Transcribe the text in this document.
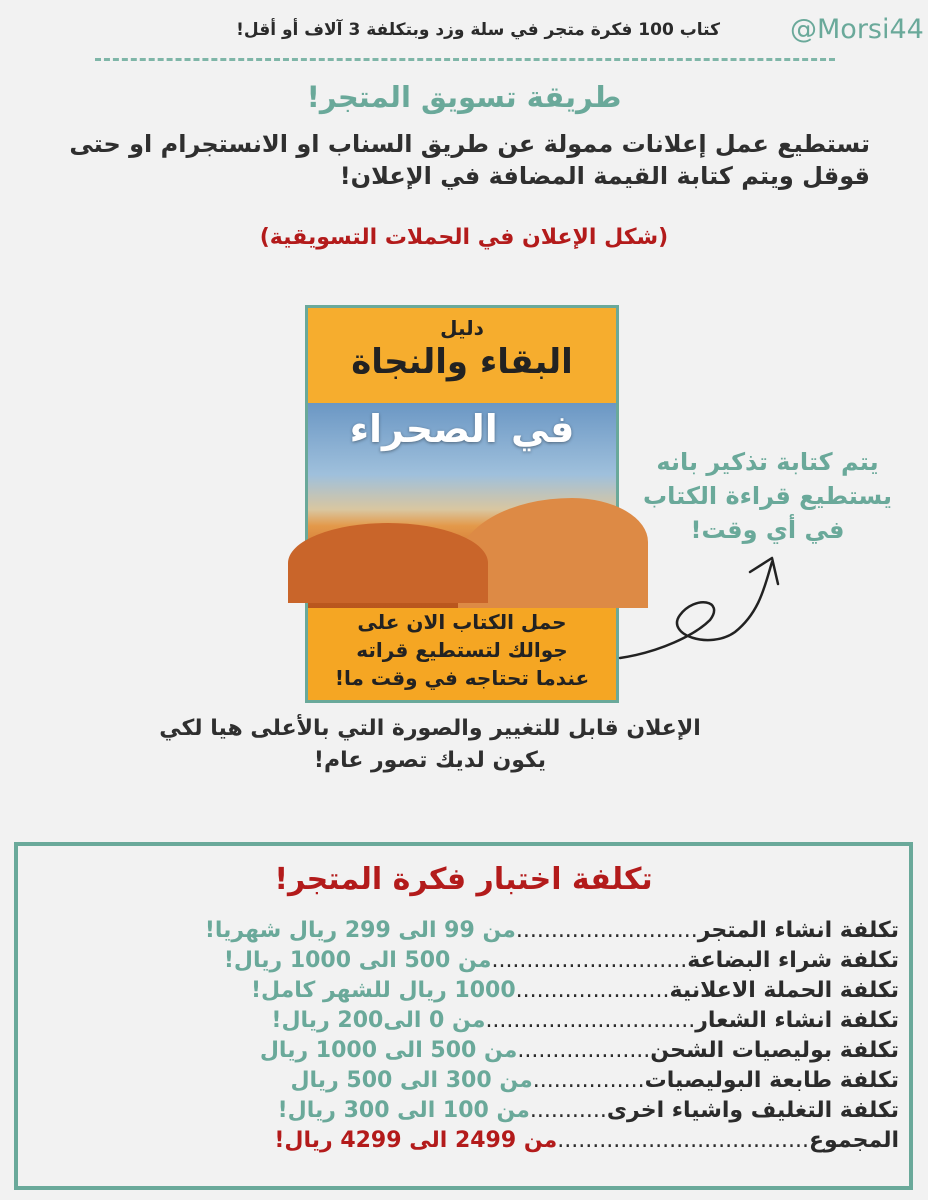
@Morsi44
كتاب 100 فكرة متجر في سلة وزد وبتكلفة 3 آلاف أو أقل!
طريقة تسويق المتجر!
تستطيع عمل إعلانات ممولة عن طريق السناب او الانستجرام او حتى قوقل ويتم كتابة القيمة المضافة في الإعلان!
(شكل الإعلان في الحملات التسويقية)
دليل
البقاء والنجاة
في الصحراء
حمل الكتاب الان على
جوالك لتستطيع قراته
عندما تحتاجه في وقت ما!
يتم كتابة تذكير بانه
يستطيع قراءة الكتاب
في أي وقت!
الإعلان قابل للتغيير والصورة التي بالأعلى هيا لكي
يكون لديك تصور عام!
تكلفة اختبار فكرة المتجر!
تكلفة انشاء المتجر..........................من 99 الى 299 ريال شهريا!
تكلفة شراء البضاعة............................من 500 الى 1000 ريال!
تكلفة الحملة الاعلانية......................1000 ريال للشهر كامل!
تكلفة انشاء الشعار..............................من 0 الى200 ريال!
تكلفة بوليصيات الشحن...................من 500 الى 1000 ريال
تكلفة طابعة البوليصيات................من 300 الى 500 ريال
تكلفة التغليف واشياء اخرى...........من 100 الى 300 ريال!
المجموع....................................من 2499 الى 4299 ريال!
